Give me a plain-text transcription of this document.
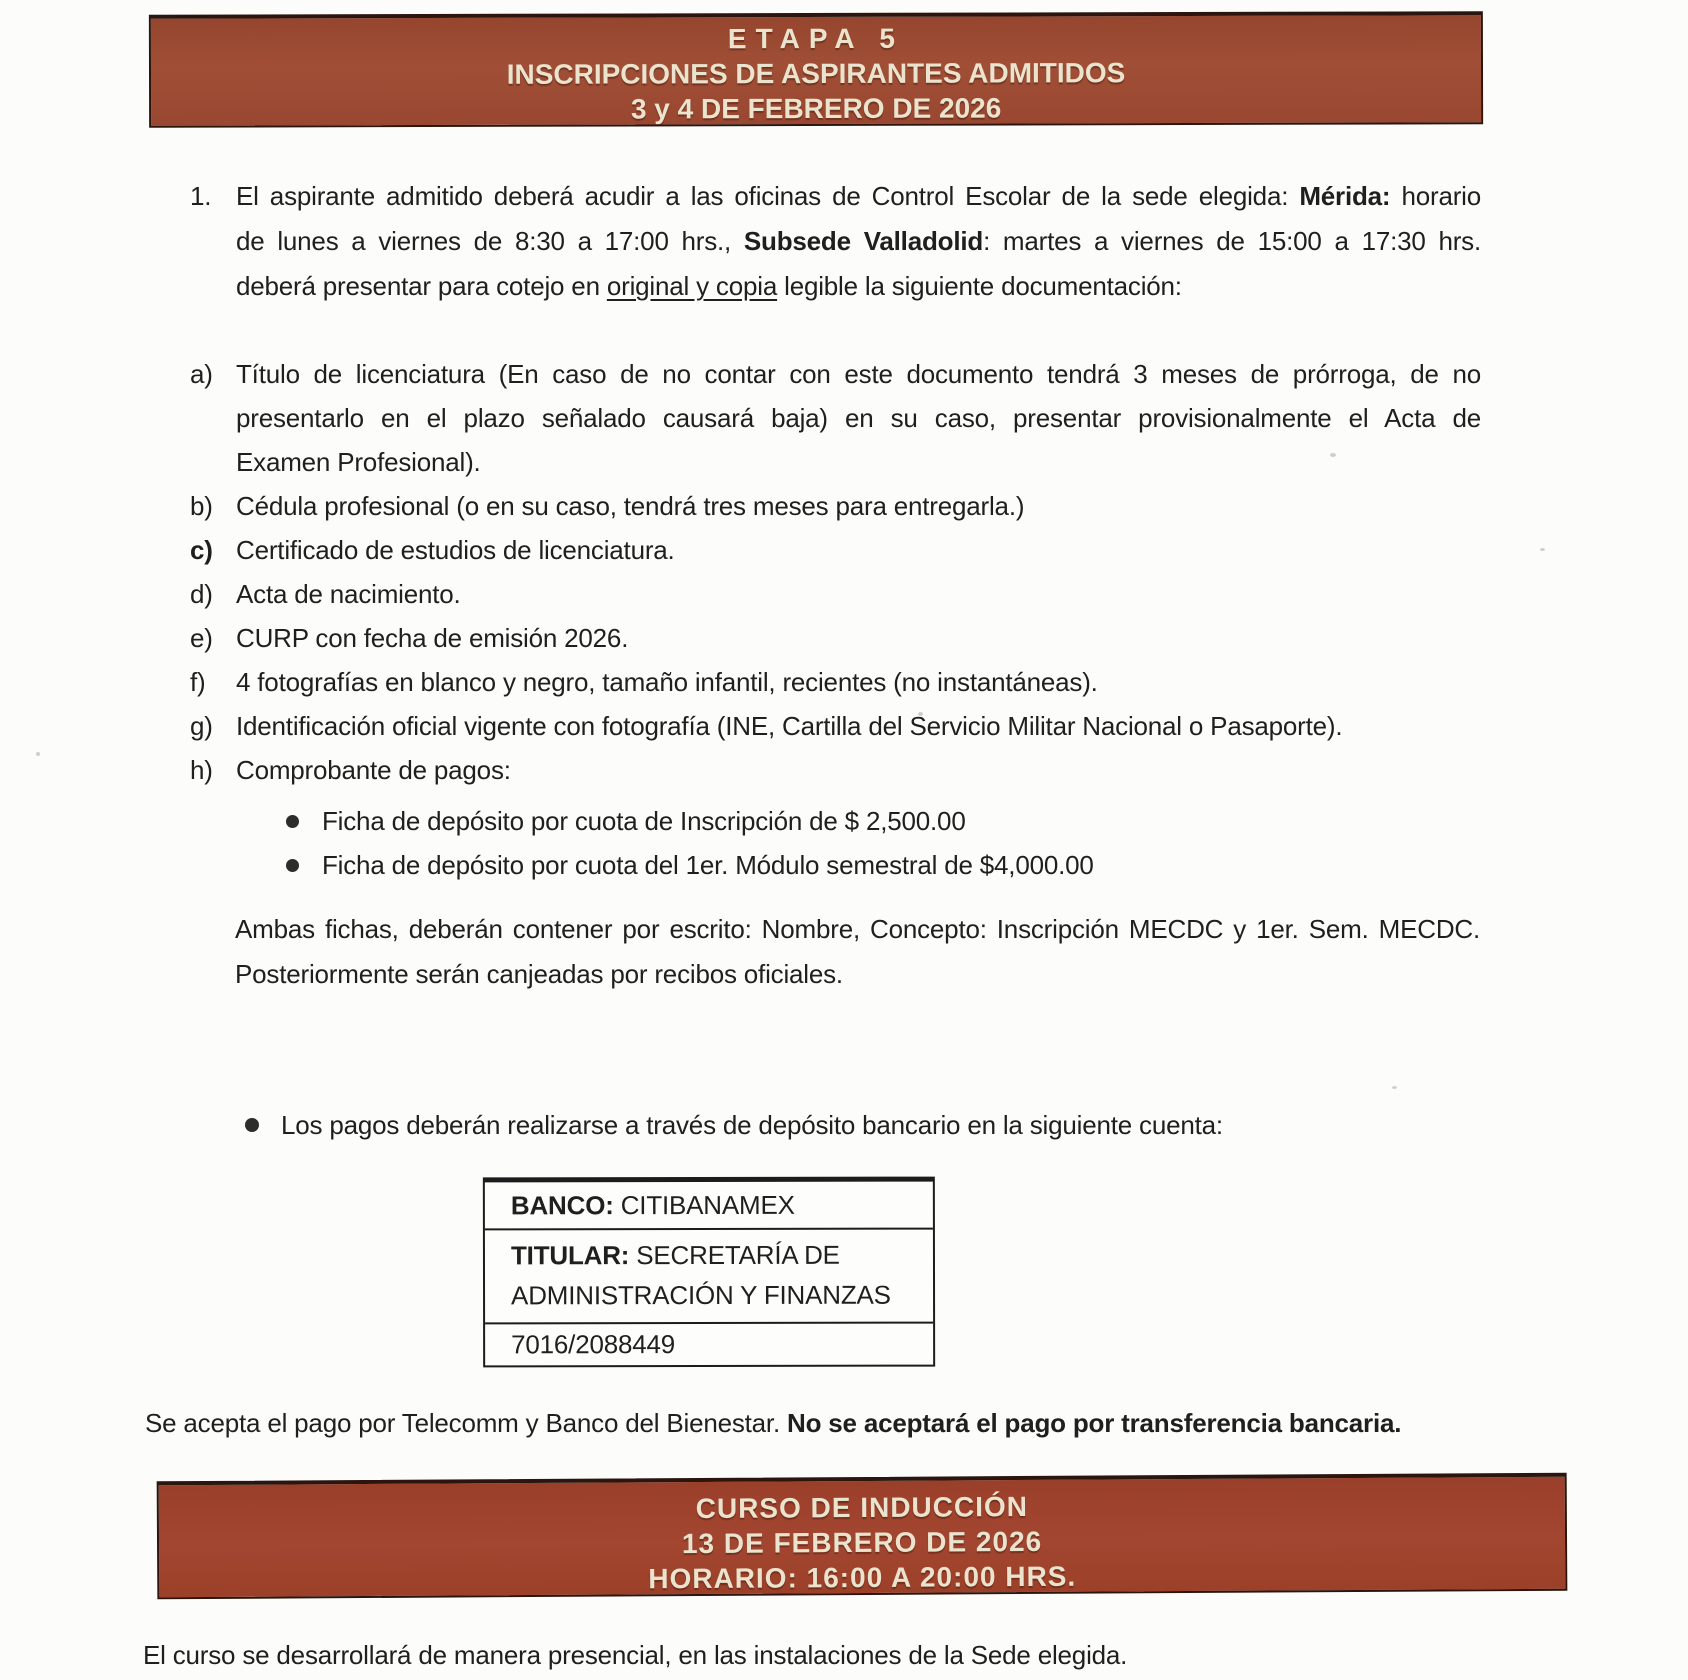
ETAPA 5
INSCRIPCIONES DE ASPIRANTES ADMITIDOS
3 y 4 DE FEBRERO DE 2026
1. El aspirante admitido deberá acudir a las oficinas de Control Escolar de la sede elegida: Mérida: horario
de lunes a viernes de 8:30 a 17:00 hrs., Subsede Valladolid: martes a viernes de 15:00 a 17:30 hrs.
deberá presentar para cotejo en original y copia legible la siguiente documentación:
a) Título de licenciatura (En caso de no contar con este documento tendrá 3 meses de prórroga, de no
presentarlo en el plazo señalado causará baja) en su caso, presentar provisionalmente el Acta de
Examen Profesional).
b) Cédula profesional (o en su caso, tendrá tres meses para entregarla.)
c) Certificado de estudios de licenciatura.
d) Acta de nacimiento.
e) CURP con fecha de emisión 2026.
f)	4 fotografías en blanco y negro, tamaño infantil, recientes (no instantáneas).
g) Identificación oficial vigente con fotografía (INE, Cartilla del Servicio Militar Nacional o Pasaporte).
h) Comprobante de pagos:
Ficha de depósito por cuota de Inscripción de $ 2,500.00
Ficha de depósito por cuota del 1er. Módulo semestral de $4,000.00
Ambas fichas, deberán contener por escrito: Nombre, Concepto: Inscripción MECDC y 1er. Sem. MECDC.
Posteriormente serán canjeadas por recibos oficiales.
Los pagos deberán realizarse a través de depósito bancario en la siguiente cuenta:
BANCO: CITIBANAMEX
TITULAR: SECRETARÍA DE ADMINISTRACIÓN Y FINANZAS
7016/2088449
Se acepta el pago por Telecomm y Banco del Bienestar. No se aceptará el pago por transferencia bancaria.
CURSO DE INDUCCIÓN
13 DE FEBRERO DE 2026
HORARIO: 16:00 A 20:00 HRS.
El curso se desarrollará de manera presencial, en las instalaciones de la Sede elegida.
